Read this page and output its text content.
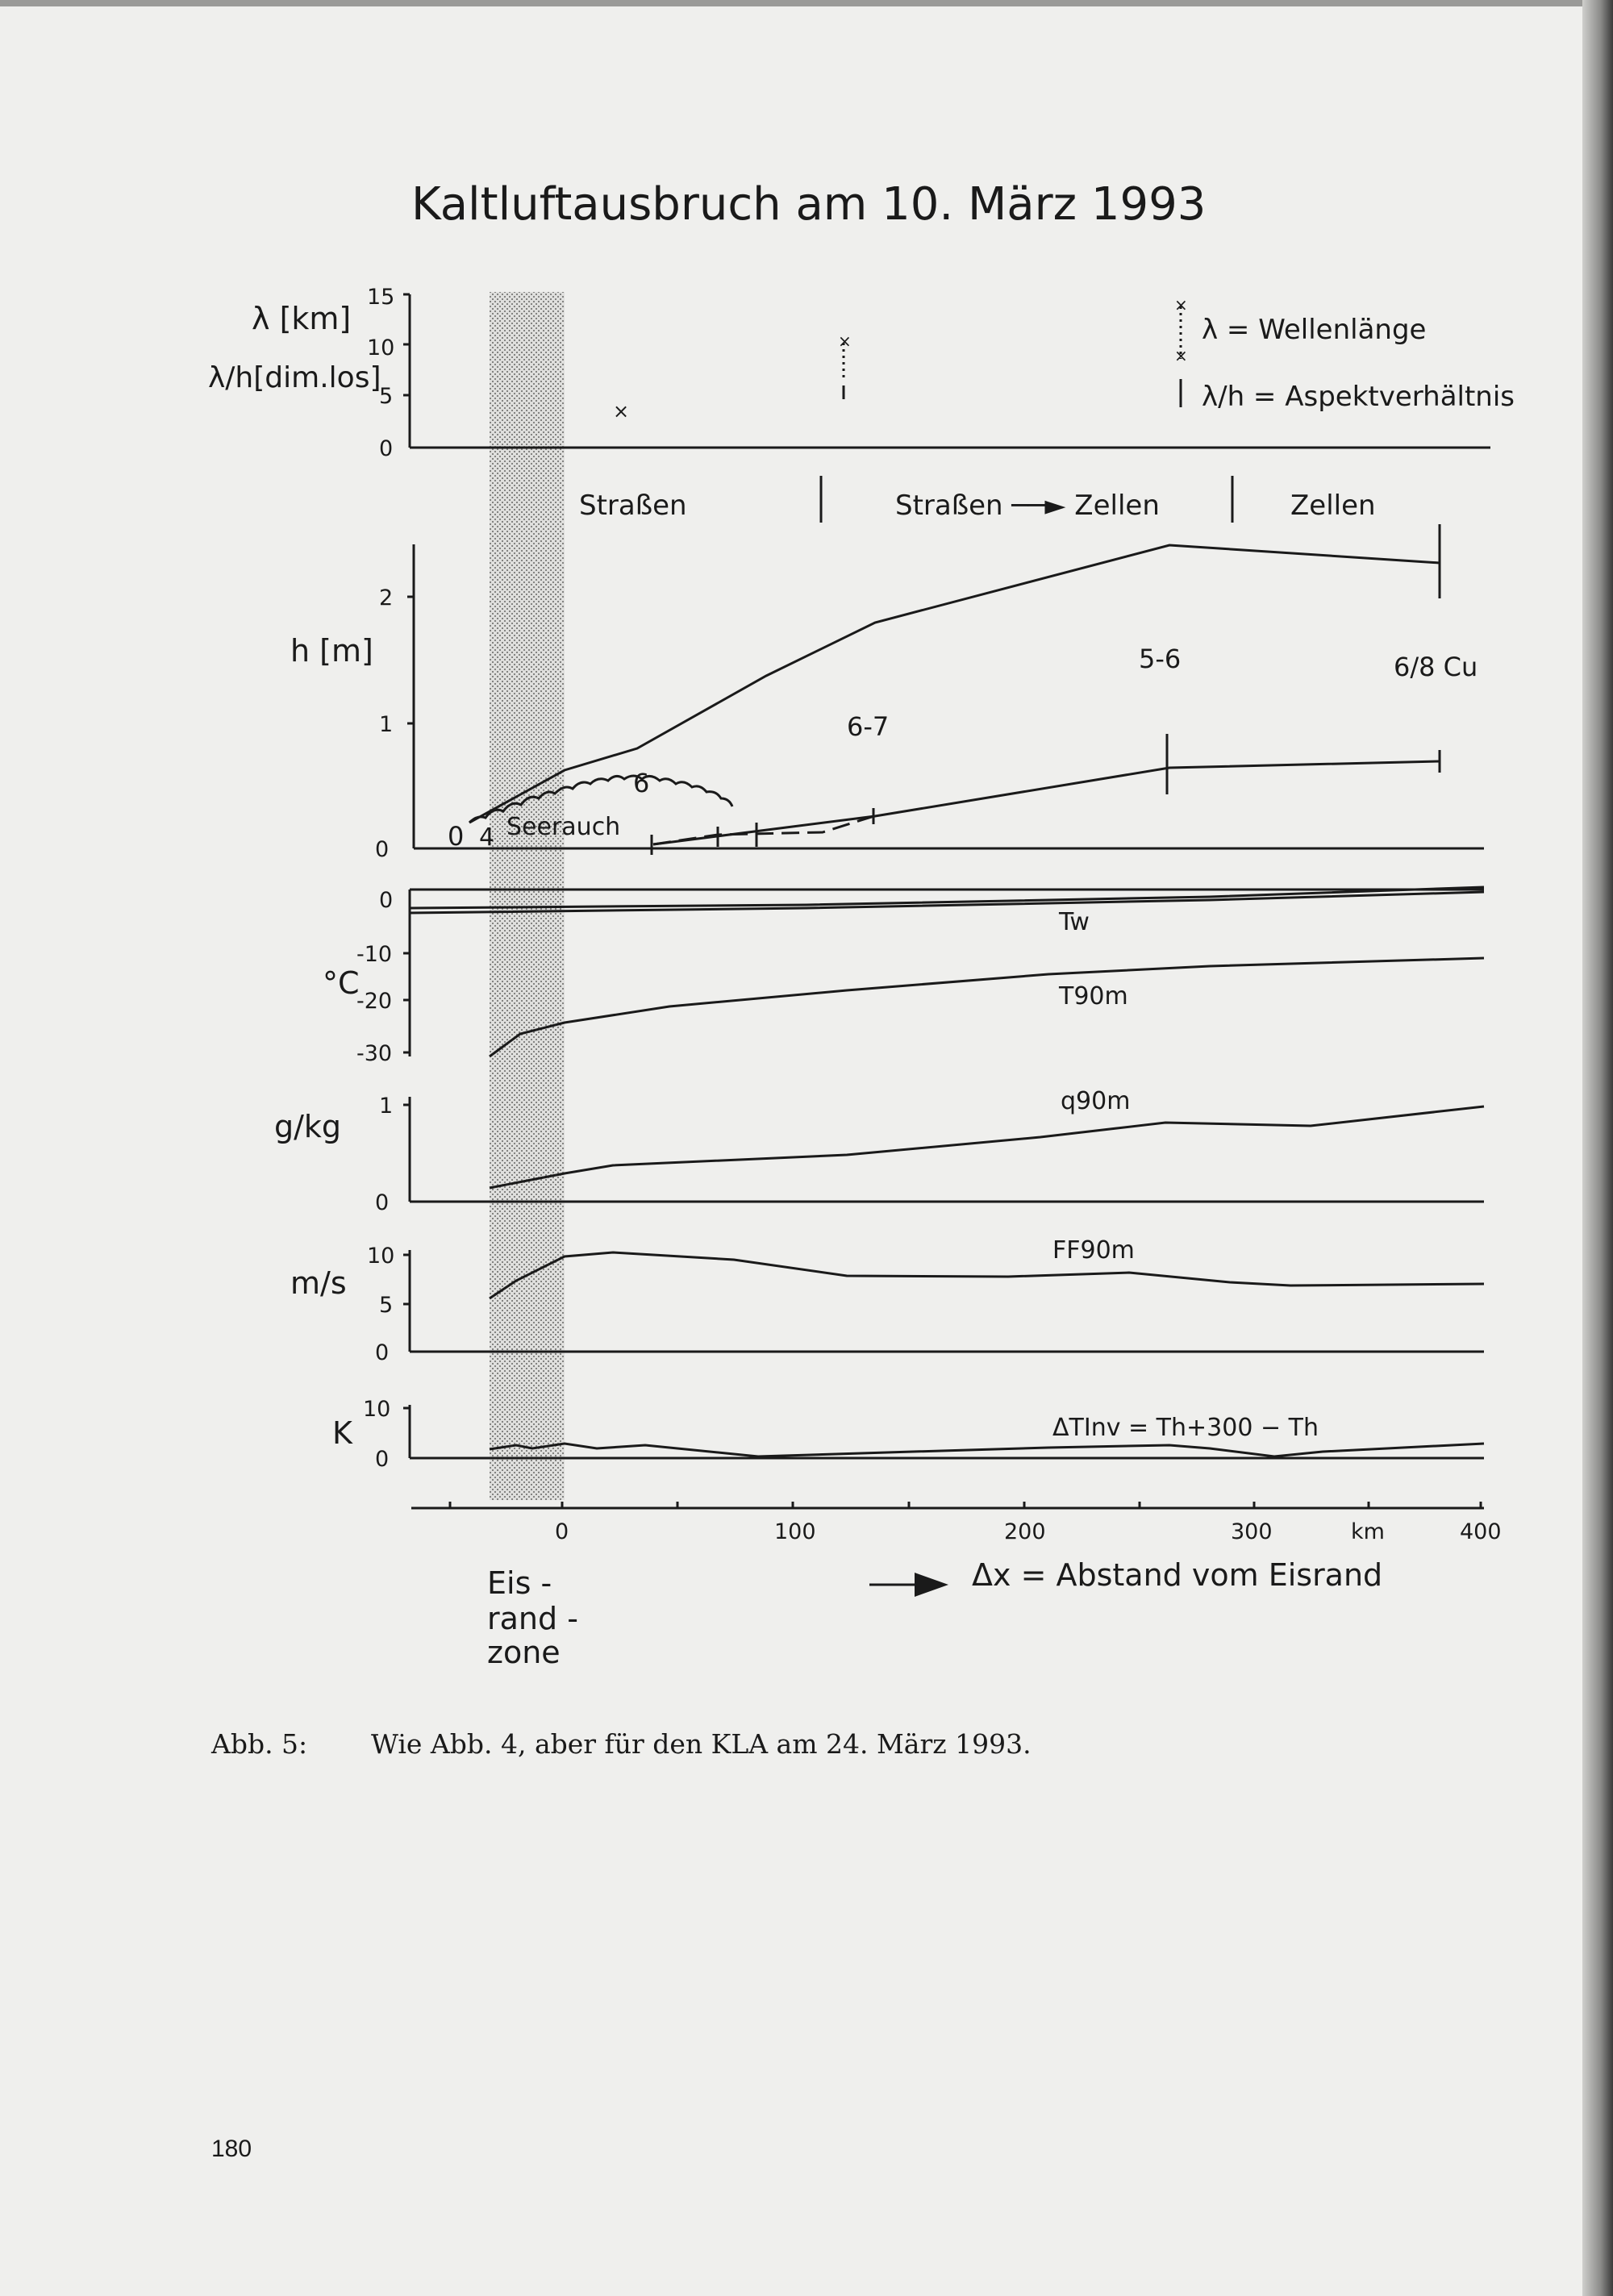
Kaltluftausbruch am 10. März 1993
×
×
×
×
λ [km]
λ/h[dim.los]
15
10
5
0
λ = Wellenlänge
λ/h = Aspektverhältnis
Straßen	Straßen ──► Zellen	Zellen
h [m]
2
1
0
5-6	6/8 Cu
6-7
6
0 4 Seerauch
°C
0
-10
-20
-30
Tw
T90m
g/kg
1
0
q90m
m/s
10
5
0
FF90m
K
10
0
ΔTInv = Th+300 − Th
0	100	200	300	km	400
Eis -
rand -
zone
Δx = Abstand vom Eisrand
Abb. 5: Wie Abb. 4, aber für den KLA am 24. März 1993.
180
